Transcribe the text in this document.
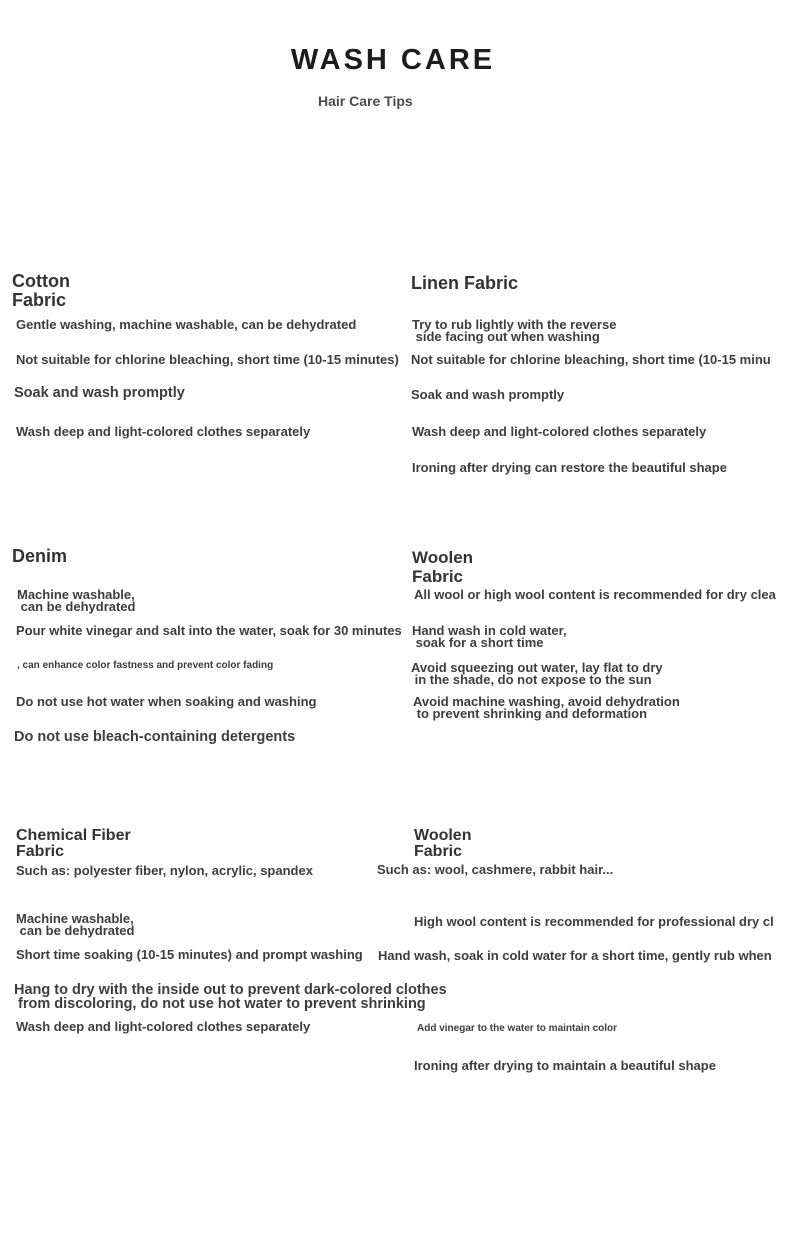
WASH CARE
Hair Care Tips
Cotton
Fabric
Gentle washing, machine washable, can be dehydrated
Not suitable for chlorine bleaching, short time (10-15 minutes)
Soak and wash promptly
Wash deep and light-colored clothes separately
Linen Fabric
Try to rub lightly with the reverse
side facing out when washing
Not suitable for chlorine bleaching, short time (10-15 minu
Soak and wash promptly
Wash deep and light-colored clothes separately
Ironing after drying can restore the beautiful shape
Denim
Machine washable,
can be dehydrated
Pour white vinegar and salt into the water, soak for 30 minutes
, can enhance color fastness and prevent color fading
Do not use hot water when soaking and washing
Do not use bleach-containing detergents
Woolen
Fabric
All wool or high wool content is recommended for dry clea
Hand wash in cold water,
soak for a short time
Avoid squeezing out water, lay flat to dry
in the shade, do not expose to the sun
Avoid machine washing, avoid dehydration
to prevent shrinking and deformation
Chemical Fiber
Fabric
Such as: polyester fiber, nylon, acrylic, spandex
Machine washable,
can be dehydrated
Short time soaking (10-15 minutes) and prompt washing
Hang to dry with the inside out to prevent dark-colored clothes
from discoloring, do not use hot water to prevent shrinking
Wash deep and light-colored clothes separately
Woolen
Fabric
Such as: wool, cashmere, rabbit hair...
High wool content is recommended for professional dry cl
Hand wash, soak in cold water for a short time, gently rub when
Add vinegar to the water to maintain color
Ironing after drying to maintain a beautiful shape
